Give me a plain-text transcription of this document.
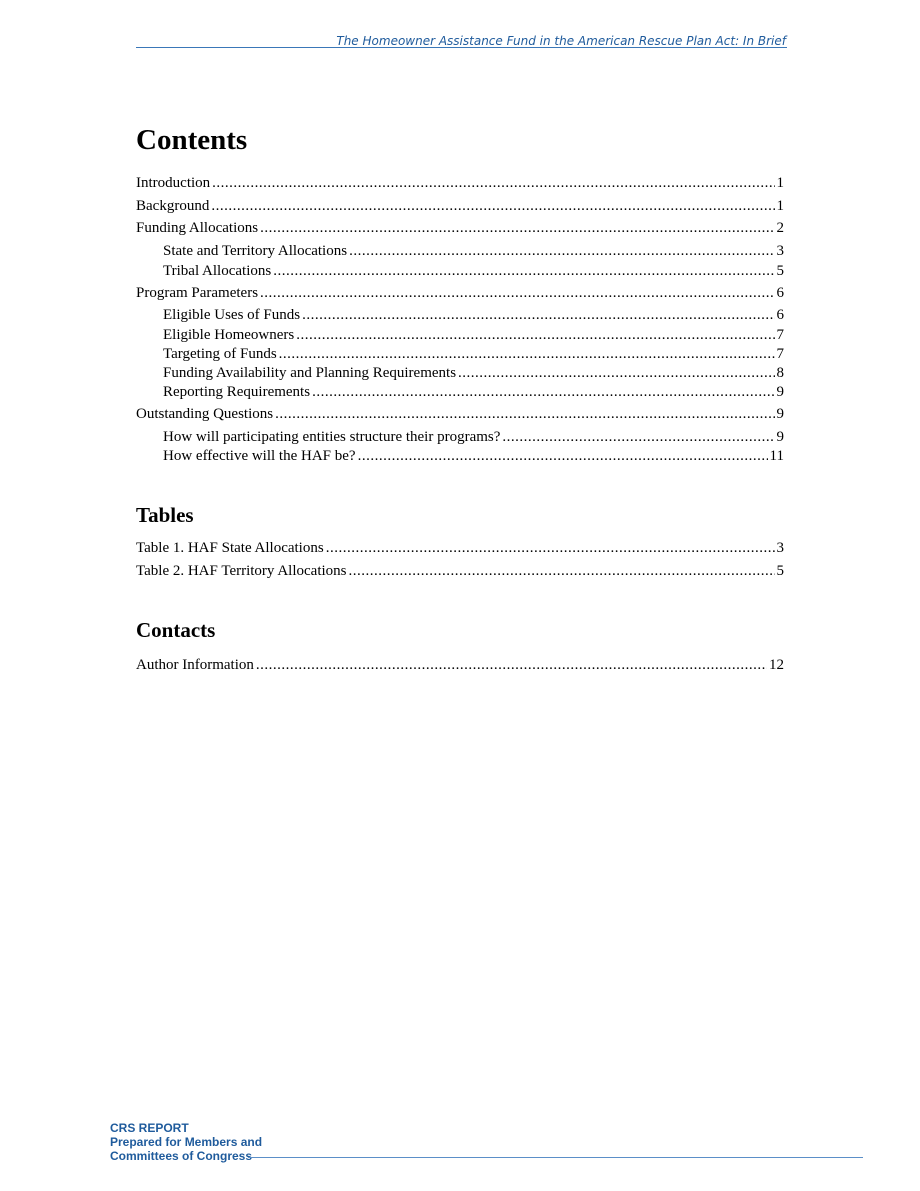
The Homeowner Assistance Fund in the American Rescue Plan Act: In Brief
Contents
Introduction .....	1
Background .....	1
Funding Allocations .....	2
State and Territory Allocations .....	3
Tribal Allocations .....	5
Program Parameters .....	6
Eligible Uses of Funds .....	6
Eligible Homeowners .....	7
Targeting of Funds .....	7
Funding Availability and Planning Requirements .....	8
Reporting Requirements .....	9
Outstanding Questions .....	9
How will participating entities structure their programs? .....	9
How effective will the HAF be? .....	11
Tables
Table 1. HAF State Allocations .....	3
Table 2. HAF Territory Allocations .....	5
Contacts
Author Information .....	12
CRS REPORT
Prepared for Members and
Committees of Congress
